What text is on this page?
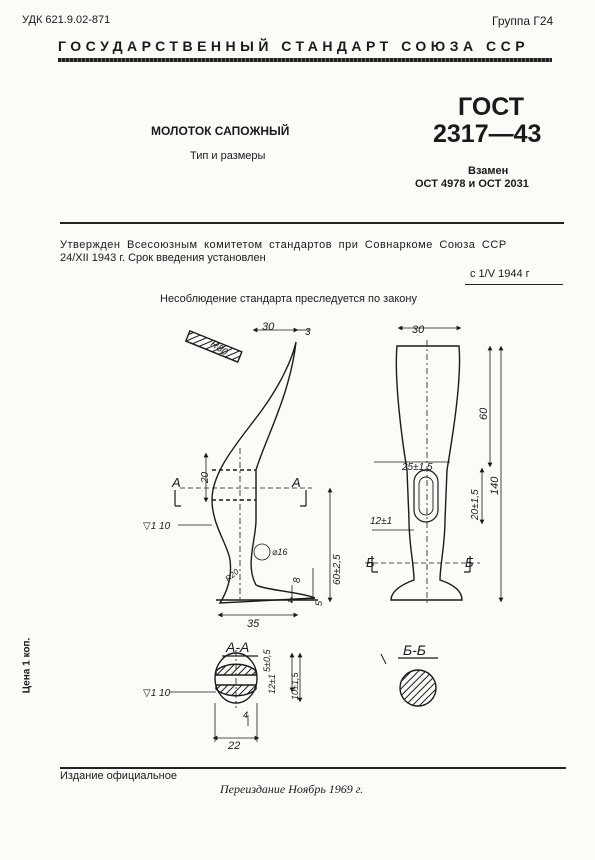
УДК 621.9.02-871	Группа Г24
ГОСУДАРСТВЕННЫЙ СТАНДАРТ СОЮЗА ССР
МОЛОТОК САПОЖНЫЙ
Тип и размеры
ГОСТ
2317—43
Взамен
ОСТ 4978 и ОСТ 2031
Утвержден Всесоюзным комитетом стандартов при Совнаркоме Союза ССР
24/XII 1943 г. Срок введения установлен
с 1/V 1944 г
Несоблюдение стандарта преследуется по закону
R80
30	3
A	A
20
▽1 10
⌀16
R20	8
4 5
60±2,5
35
30
60
25±1,5
20±1,5
12±1
140
Б	Б
А-А
5±0,5
12±1 10±1,5
▽1 10
4
22
Б-Б
Цена 1 коп.
Издание официальное
Переиздание Ноябрь 1969 г.
